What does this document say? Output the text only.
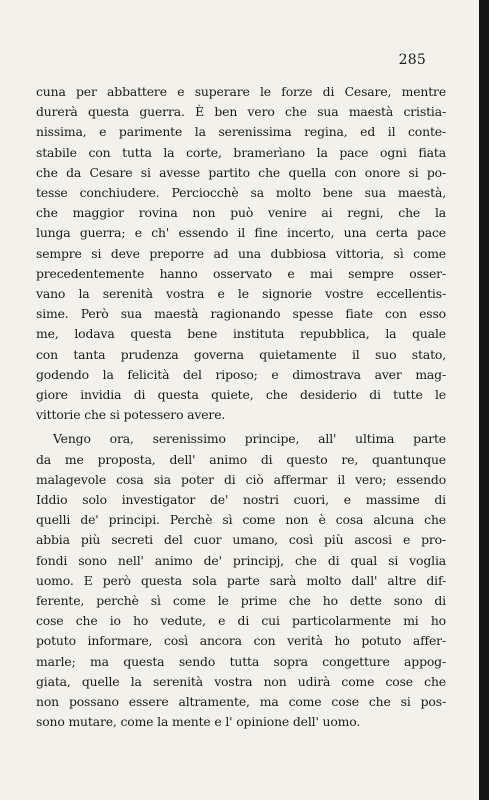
285
cuna per abbattere e superare le forze di Cesare, mentre
durerà questa guerra. È ben vero che sua maestà cristia-
nissima, e parimente la serenissima regina, ed il conte-
stabile con tutta la corte, bramerìano la pace ogni fiata
che da Cesare si avesse partito che quella con onore si po-
tesse conchiudere. Perciocchè sa molto bene sua maestà,
che maggior rovina non può venire ai regni, che la
lunga guerra; e ch' essendo il fine incerto, una certa pace
sempre si deve preporre ad una dubbiosa vittoria, sì come
precedentemente hanno osservato e mai sempre osser-
vano la serenità vostra e le signorie vostre eccellentis-
sime. Però sua maestà ragionando spesse fiate con esso
me, lodava questa bene instituta repubblica, la quale
con tanta prudenza governa quietamente il suo stato,
godendo la felicità del riposo; e dimostrava aver mag-
giore invidia di questa quiete, che desiderio di tutte le
vittorie che si potessero avere.
Vengo ora, serenissimo principe, all' ultima parte
da me proposta, dell' animo di questo re, quantunque
malagevole cosa sia poter di ciò affermar il vero; essendo
Iddio solo investigator de' nostri cuori, e massime di
quelli de' principi. Perchè sì come non è cosa alcuna che
abbia più secreti del cuor umano, così più ascosi e pro-
fondi sono nell' animo de' principj, che di qual si voglia
uomo. E però questa sola parte sarà molto dall' altre dif-
ferente, perchè sì come le prime che ho dette sono di
cose che io ho vedute, e di cui particolarmente mi ho
potuto informare, così ancora con verità ho potuto affer-
marle; ma questa sendo tutta sopra congetture appog-
giata, quelle la serenità vostra non udirà come cose che
non possano essere altramente, ma come cose che si pos-
sono mutare, come la mente e l' opinione dell' uomo.
